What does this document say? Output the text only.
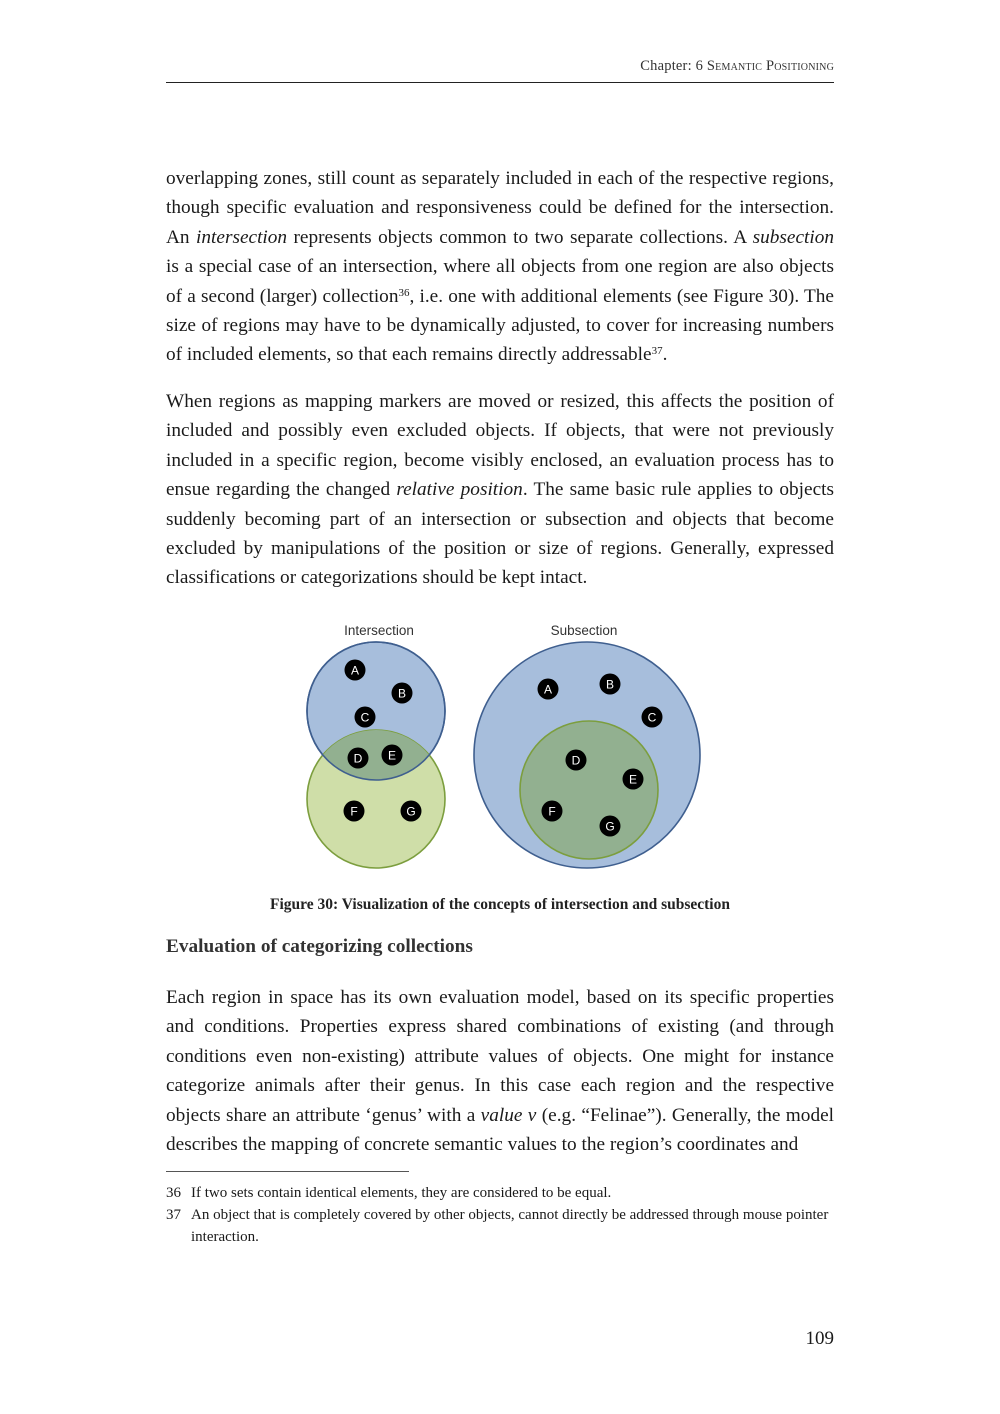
Chapter: 6 Semantic Positioning

overlapping zones, still count as separately included in each of the respective regions, though specific evaluation and responsiveness could be defined for the intersection. An intersection represents objects common to two separate collections. A subsection is a special case of an intersection, where all objects from one region are also objects of a second (larger) collection$^{36}$, i.e. one with additional elements (see Figure 30). The size of regions may have to be dynamically adjusted, to cover for increasing numbers of included elements, so that each remains directly addressable$^{37}$.

When regions as mapping markers are moved or resized, this affects the position of included and possibly even excluded objects. If objects, that were not previously included in a specific region, become visibly enclosed, an evaluation process has to ensue regarding the changed relative position. The same basic rule applies to objects suddenly becoming part of an intersection or subsection and objects that become excluded by manipulations of the position or size of regions. Generally, expressed classifications or categorizations should be kept intact.

Intersection	Subsection
A
B
C
D E
F	G
A	B
C
D
E
F
G
Figure 30: Visualization of the concepts of intersection and subsection
Evaluation of categorizing collections

Each region in space has its own evaluation model, based on its specific properties and conditions. Properties express shared combinations of existing (and through conditions even non-existing) attribute values of objects. One might for instance categorize animals after their genus. In this case each region and the respective objects share an attribute ‘genus’ with a value v (e.g. “Felinae”). Generally, the model describes the mapping of concrete semantic values to the region’s coordinates and

36 If two sets contain identical elements, they are considered to be equal.
37 An object that is completely covered by other objects, cannot directly be addressed through mouse pointer interaction.
109
